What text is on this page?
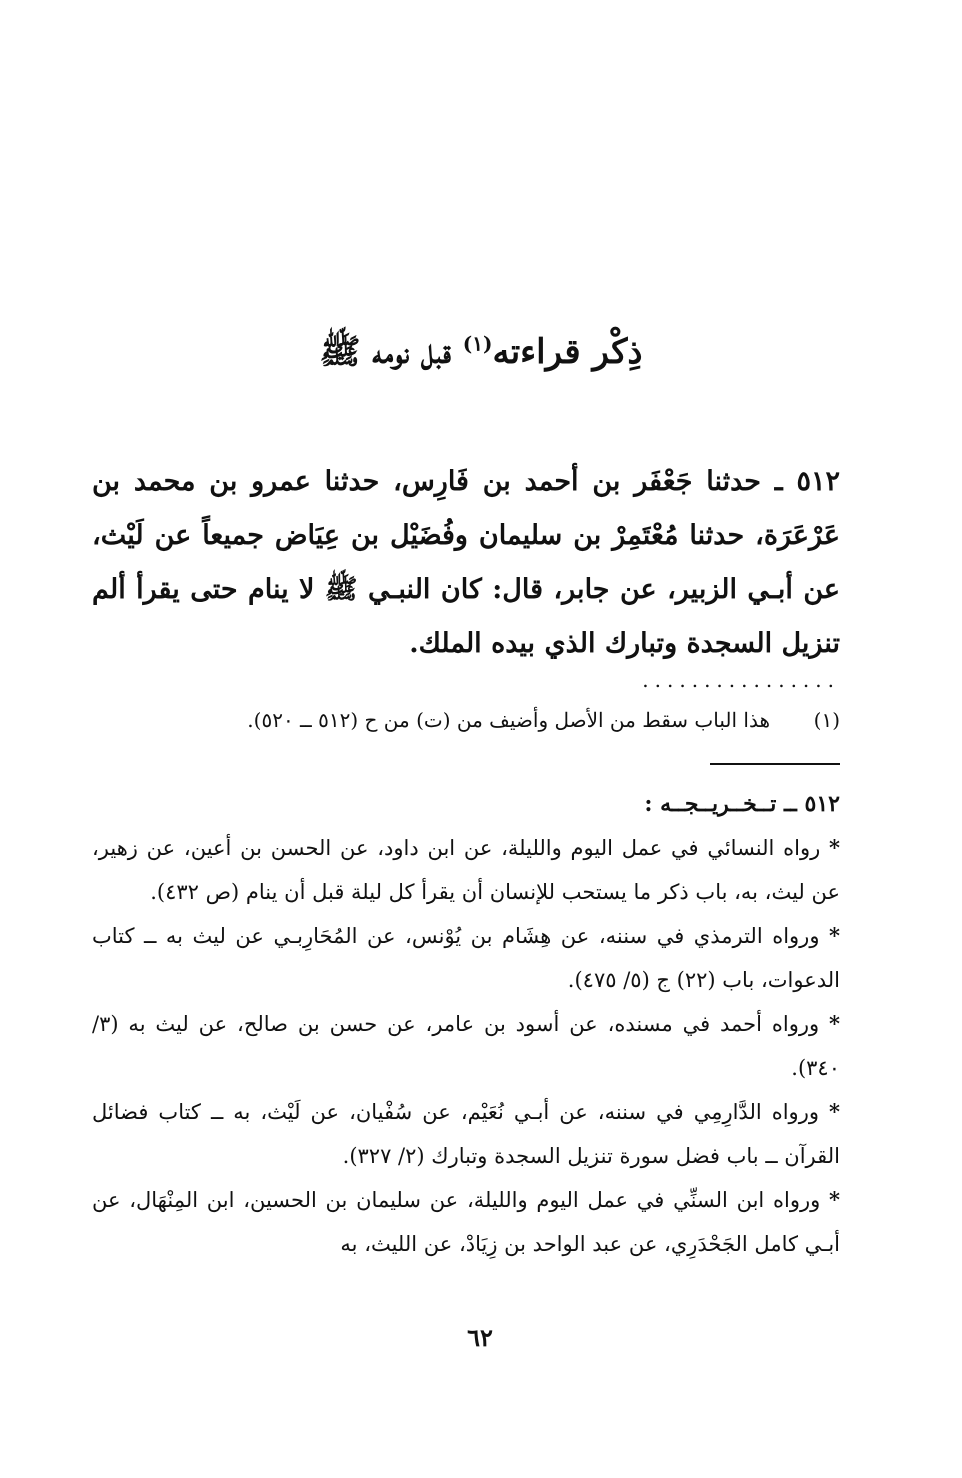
ذِكْر قراءته$^{(١)}$ قبل نومه ﷺ
٥١٢ ـ حدثنا جَعْفَر بن أحمد بن فَارِس، حدثنا عمرو بن محمد بن عَرْعَرَة، حدثنا مُعْتَمِرْ بن سليمان وفُضَيْل بن عِيَاض جميعاً عن لَيْث، عن أبـي الزبير، عن جابر، قال: كان النبـي ﷺ لا ينام حتى يقرأ ألم تنزيل السجدة وتبارك الذي بيده الملك.
................
(١)هذا الباب سقط من الأصل وأضيف من (ت) من ح (٥١٢ ــ ٥٢٠).
٥١٢ ــ تــخــريــجــه :

* رواه النسائي في عمل اليوم والليلة، عن ابن داود، عن الحسن بن أعين، عن زهير، عن ليث، به، باب ذكر ما يستحب للإنسان أن يقرأ كل ليلة قبل أن ينام (ص ٤٣٢).

* ورواه الترمذي في سننه، عن هِشَام بن يُوْنس، عن المُحَارِبـي عن ليث به ــ كتاب الدعوات، باب (٢٢) ج (٥/ ٤٧٥).

* ورواه أحمد في مسنده، عن أسود بن عامر، عن حسن بن صالح، عن ليث به (٣/ ٣٤٠).

* ورواه الدَّارِمِي في سننه، عن أبـي نُعَيْم، عن سُفْيان، عن لَيْث، به ــ كتاب فضائل القرآن ــ باب فضل سورة تنزيل السجدة وتبارك (٢/ ٣٢٧).

* ورواه ابن السنِّي في عمل اليوم والليلة، عن سليمان بن الحسين، ابن المِنْهَال، عن أبـي كامل الجَحْدَرِي، عن عبد الواحد بن زِيَادْ، عن الليث، به

٦٢
